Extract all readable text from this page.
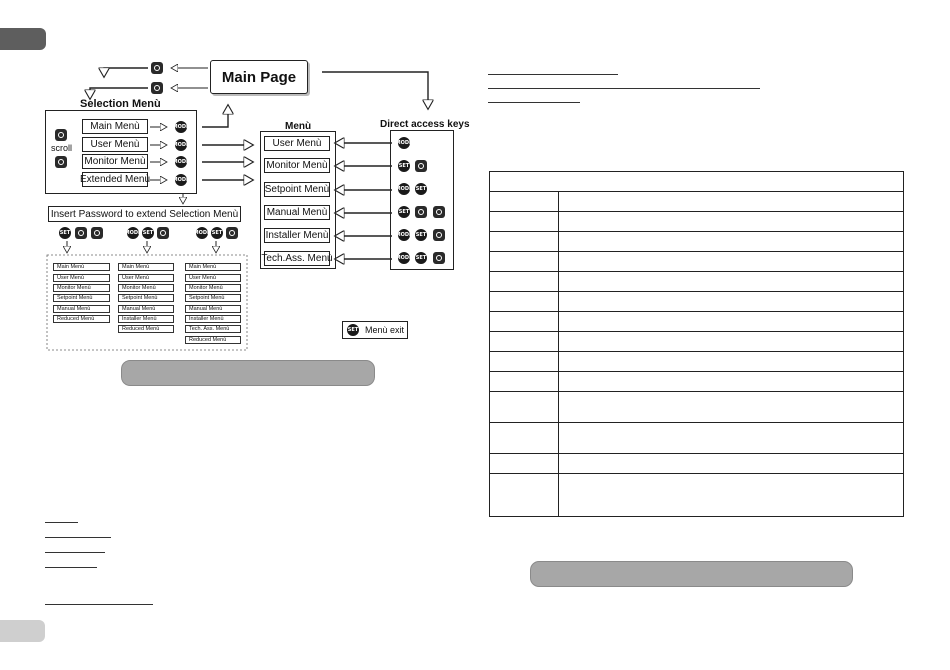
Main Page
Selection Menù
scroll
Main Menù
User Menù
Monitor Menù
Extended Menù
MODE
MODE
MODE
MODE
Menù
User Menù
Monitor Menù
Setpoint Menù
Manual Menù
Installer Menù
Tech.Ass. Menù
Direct access keys
MODE
SET
MODE SET
SET
MODE SET
MODE SET
Insert Password to extend Selection Menù
SET	MODE SET	MODE SET
Main Menù
User Menù
Monitor Menù
Setpoint Menù
Manual Menù
Reduced Menù
Main Menù
User Menù
Monitor Menù
Setpoint Menù
Manual Menù
Installer Menù
Reduced Menù
Main Menù
User Menù
Monitor Menù
Setpoint Menù
Manual Menù
Installer Menù
Tech. Ass. Menù
Reduced Menù
SET Menù exit
